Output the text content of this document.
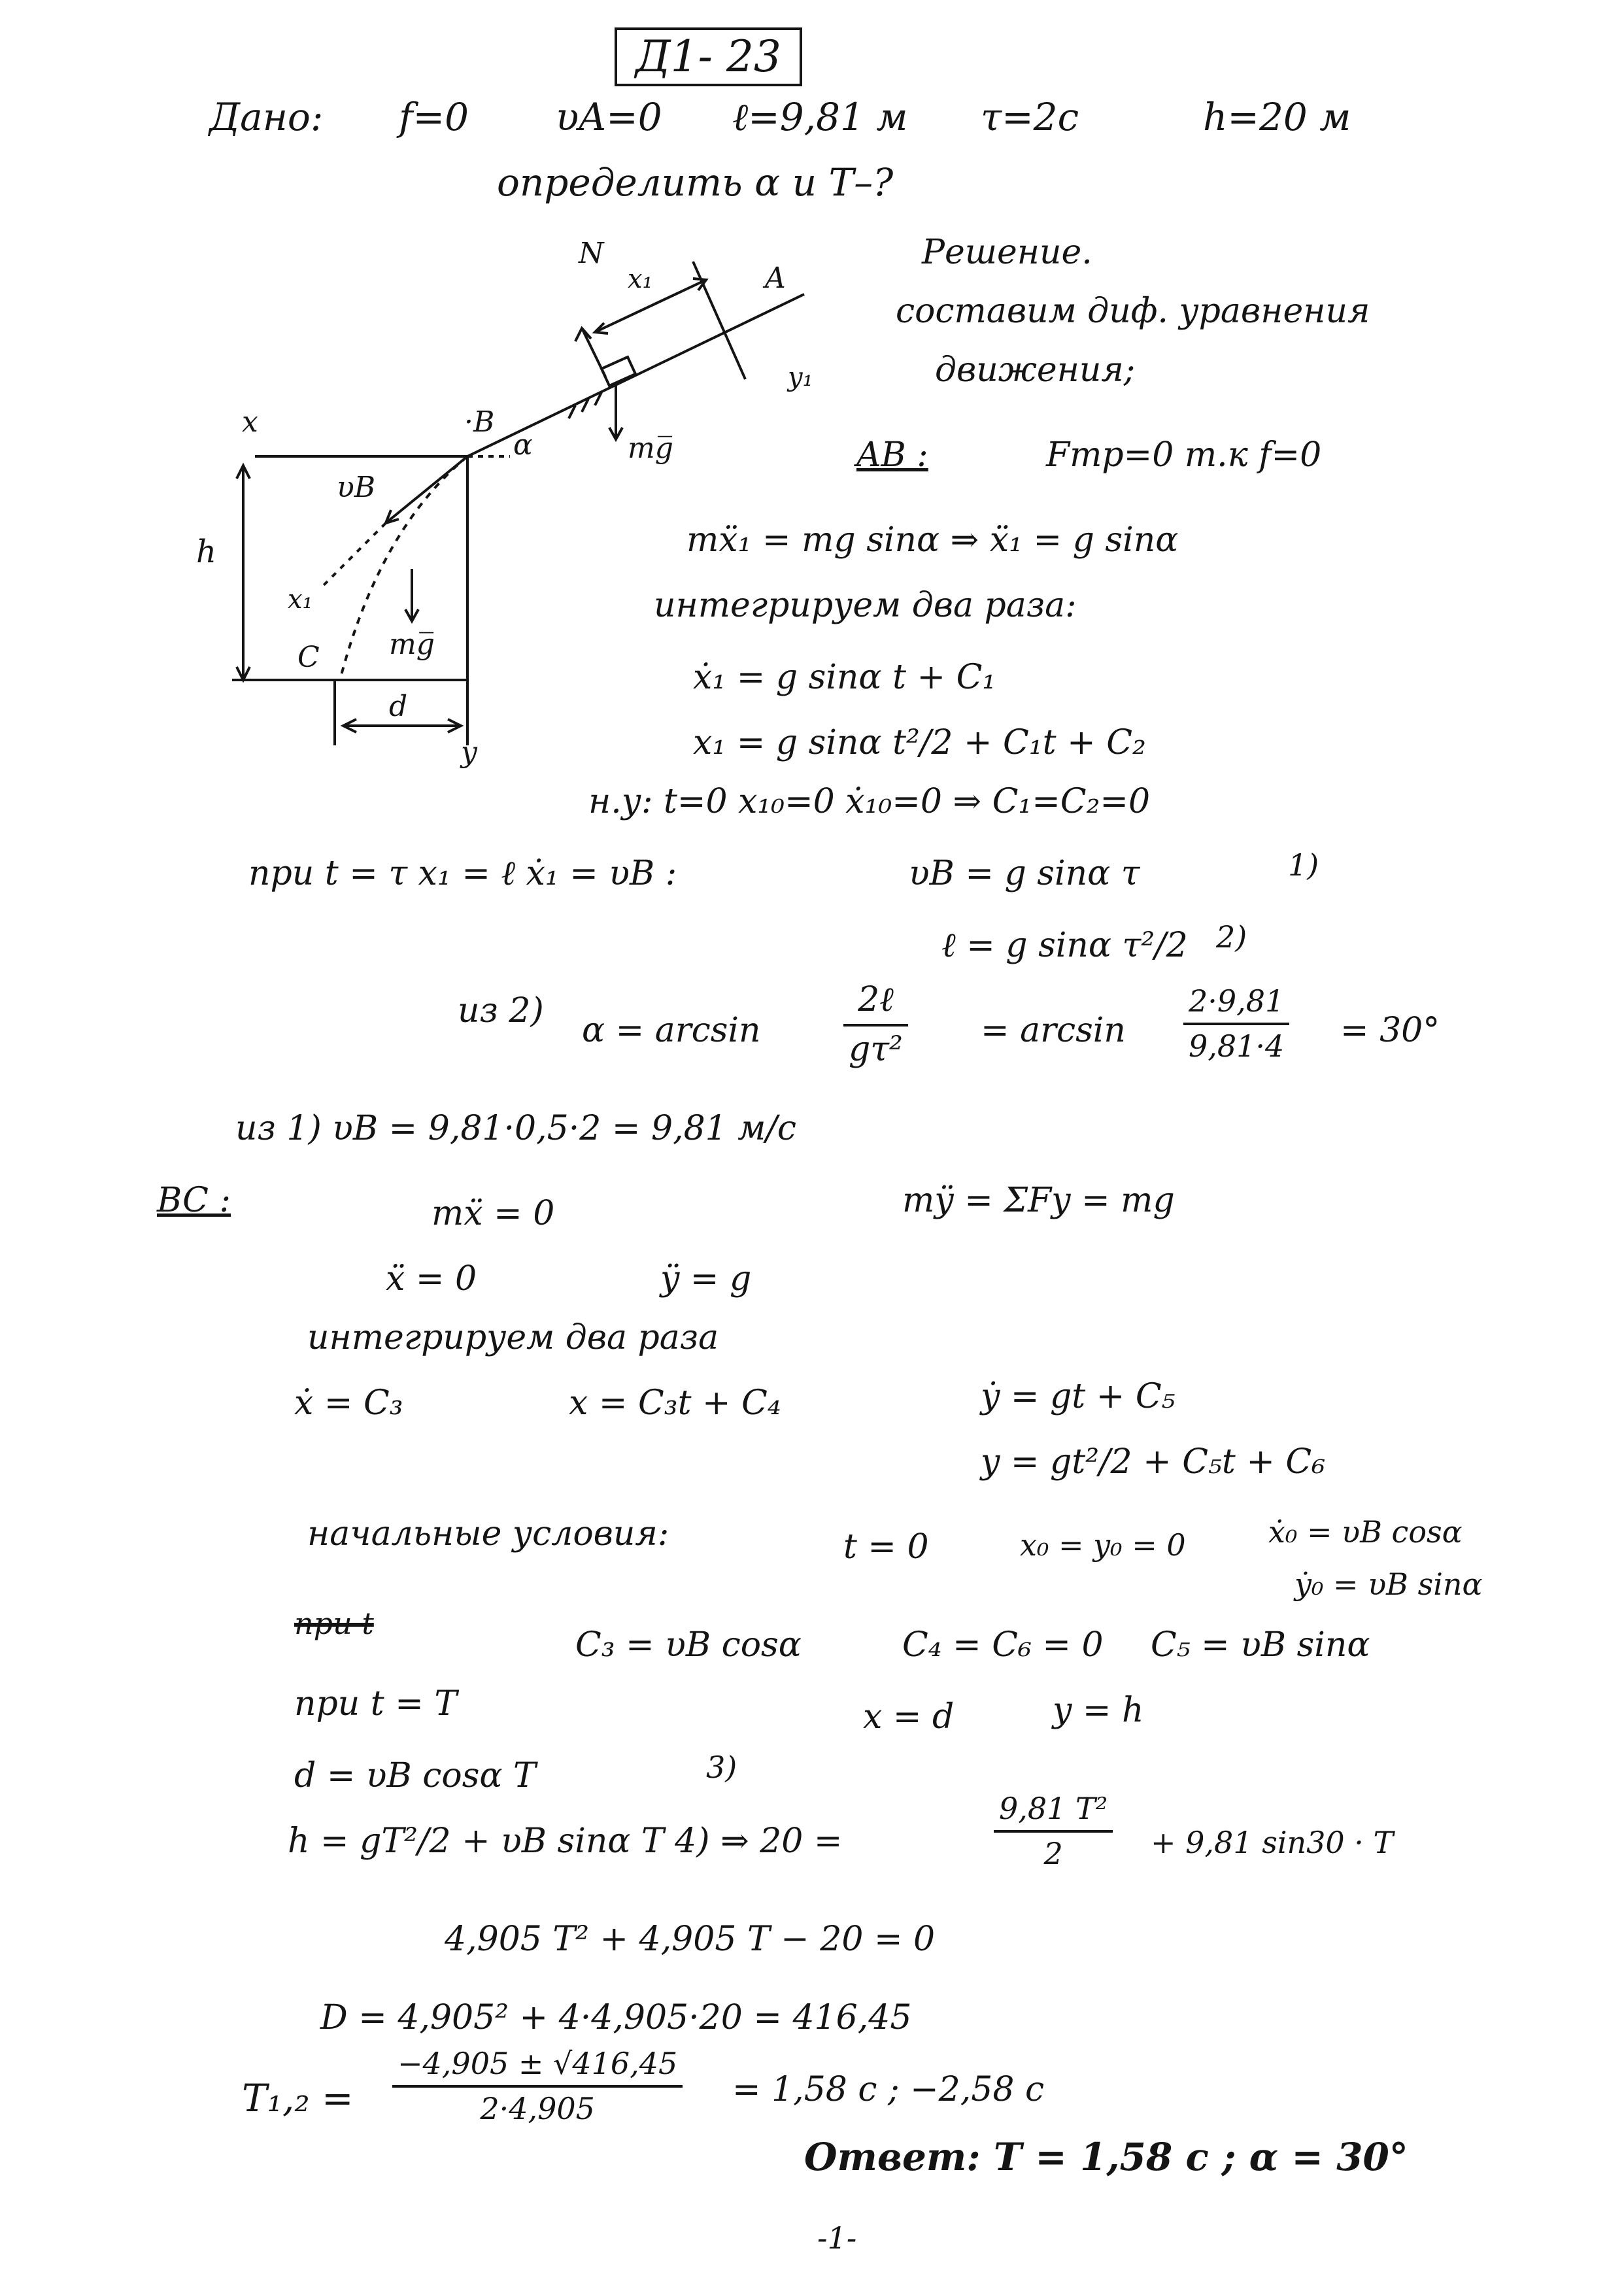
Д1- 23
Дано: f=0 υA=0 ℓ=9,81 м τ=2с	h=20 м
определить α и T–?
Решение.
составим диф. уравнения
движения;
N
x₁	A
y₁
mg̅
x	·B
α
υB
h
x₁
mg̅
C
d
y
AB :	Fтр=0 т.к f=0
mẍ₁ = mg sinα ⇒ ẍ₁ = g sinα
интегрируем два раза:
ẋ₁ = g sinα t + C₁
x₁ = g sinα t²/2 + C₁t + C₂
н.у: t=0 x₁₀=0 ẋ₁₀=0 ⇒ C₁=C₂=0
при t = τ x₁ = ℓ ẋ₁ = υB :	υB = g sinα τ	1)
ℓ = g sinα τ²/2 2)
из 2) α = arcsin
2ℓ
gτ² = arcsin
2·9,81
9,81·4 = 30°
из 1) υB = 9,81·0,5·2 = 9,81 м/с
BC :	mẍ = 0	mÿ = ΣFy = mg
ẍ = 0	ÿ = g
интегрируем два раза
ẋ = C₃	x = C₃t + C₄	ẏ = gt + C₅
y = gt²/2 + C₅t + C₆
начальные условия:	t = 0	x₀ = y₀ = 0	ẋ₀ = υB cosα
ẏ₀ = υB sinα
при t
C₃ = υB cosα	C₄ = C₆ = 0 C₅ = υB sinα
при t = T	x = d	y = h
d = υB cosα T	3)
h = gT²/2 + υB sinα T 4) ⇒ 20 =
9,81 T²
2	+ 9,81 sin30 · T
4,905 T² + 4,905 T − 20 = 0
D = 4,905² + 4·4,905·20 = 416,45
T₁,₂ =
−4,905 ± √416,45
2·4,905	= 1,58 с ; −2,58 с
Ответ: T = 1,58 с ; α = 30°
-1-
